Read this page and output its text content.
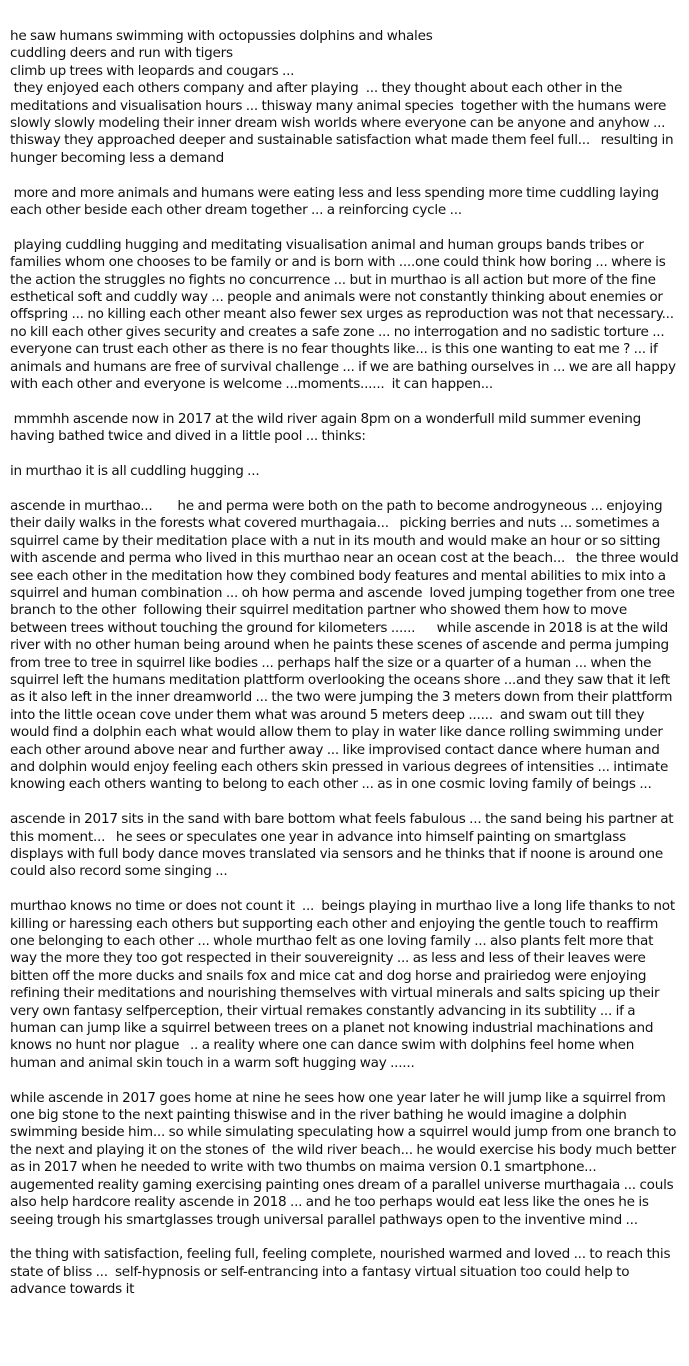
he saw humans swimming with octopussies dolphins and whales
cuddling deers and run with tigers
climb up trees with leopards and cougars ...
they enjoyed each others company and after playing  ... they thought about each other in the meditations and visualisation hours ... thisway many animal species  together with the humans were slowly slowly modeling their inner dream wish worlds where everyone can be anyone and anyhow ... thisway they approached deeper and sustainable satisfaction what made them feel full...   resulting in hunger becoming less a demand

more and more animals and humans were eating less and less spending more time cuddling laying each other beside each other dream together ... a reinforcing cycle ...

playing cuddling hugging and meditating visualisation animal and human groups bands tribes or families whom one chooses to be family or and is born with ....one could think how boring ... where is the action the struggles no fights no concurrence ... but in murthao is all action but more of the fine esthetical soft and cuddly way ... people and animals were not constantly thinking about enemies or offspring ... no killing each other meant also fewer sex urges as reproduction was not that necessary...   no kill each other gives security and creates a safe zone ... no interrogation and no sadistic torture ... everyone can trust each other as there is no fear thoughts like... is this one wanting to eat me ? ... if animals and humans are free of survival challenge ... if we are bathing ourselves in ... we are all happy with each other and everyone is welcome ...moments......  it can happen...

mmmhh ascende now in 2017 at the wild river again 8pm on a wonderfull mild summer evening having bathed twice and dived in a little pool ... thinks:

in murthao it is all cuddling hugging ...

ascende in murthao...       he and perma were both on the path to become androgyneous ... enjoying their daily walks in the forests what covered murthagaia...   picking berries and nuts ... sometimes a squirrel came by their meditation place with a nut in its mouth and would make an hour or so sitting with ascende and perma who lived in this murthao near an ocean cost at the beach...   the three would see each other in the meditation how they combined body features and mental abilities to mix into a squirrel and human combination ... oh how perma and ascende  loved jumping together from one tree branch to the other  following their squirrel meditation partner who showed them how to move between trees without touching the ground for kilometers ......      while ascende in 2018 is at the wild river with no other human being around when he paints these scenes of ascende and perma jumping from tree to tree in squirrel like bodies ... perhaps half the size or a quarter of a human ... when the squirrel left the humans meditation plattform overlooking the oceans shore ...and they saw that it left as it also left in the inner dreamworld ... the two were jumping the 3 meters down from their plattform into the little ocean cove under them what was around 5 meters deep ......  and swam out till they would find a dolphin each what would allow them to play in water like dance rolling swimming under each other around above near and further away ... like improvised contact dance where human and and dolphin would enjoy feeling each others skin pressed in various degrees of intensities ... intimate knowing each others wanting to belong to each other ... as in one cosmic loving family of beings ...

ascende in 2017 sits in the sand with bare bottom what feels fabulous ... the sand being his partner at this moment...   he sees or speculates one year in advance into himself painting on smartglass displays with full body dance moves translated via sensors and he thinks that if noone is around one could also record some singing ...

murthao knows no time or does not count it  ...  beings playing in murthao live a long life thanks to not killing or haressing each others but supporting each other and enjoying the gentle touch to reaffirm one belonging to each other ... whole murthao felt as one loving family ... also plants felt more that way the more they too got respected in their souvereignity ... as less and less of their leaves were bitten off the more ducks and snails fox and mice cat and dog horse and prairiedog were enjoying refining their meditations and nourishing themselves with virtual minerals and salts spicing up their very own fantasy selfperception, their virtual remakes constantly advancing in its subtility ... if a human can jump like a squirrel between trees on a planet not knowing industrial machinations and knows no hunt nor plague   .. a reality where one can dance swim with dolphins feel home when human and animal skin touch in a warm soft hugging way ......

while ascende in 2017 goes home at nine he sees how one year later he will jump like a squirrel from one big stone to the next painting thiswise and in the river bathing he would imagine a dolphin swimming beside him... so while simulating speculating how a squirrel would jump from one branch to the next and playing it on the stones of  the wild river beach... he would exercise his body much better as in 2017 when he needed to write with two thumbs on maima version 0.1 smartphone... augemented reality gaming exercising painting ones dream of a parallel universe murthagaia ... couls also help hardcore reality ascende in 2018 ... and he too perhaps would eat less like the ones he is seeing trough his smartglasses trough universal parallel pathways open to the inventive mind ...

the thing with satisfaction, feeling full, feeling complete, nourished warmed and loved ... to reach this state of bliss ...  self-hypnosis or self-entrancing into a fantasy virtual situation too could help to advance towards it
